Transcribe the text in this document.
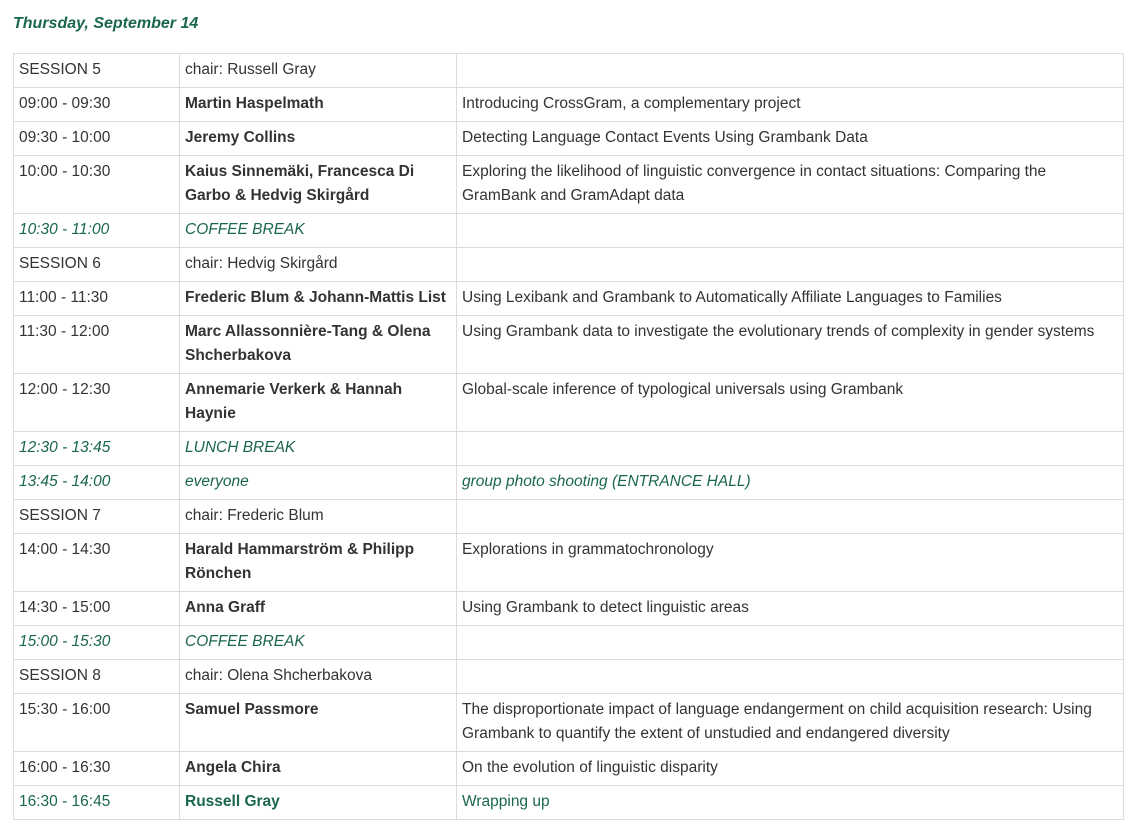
Thursday, September 14
SESSION 5	chair: Russell Gray	
09:00 - 09:30	Martin Haspelmath	Introducing CrossGram, a complementary project
09:30 - 10:00	Jeremy Collins	Detecting Language Contact Events Using Grambank Data
10:00 - 10:30	Kaius Sinnemäki, Francesca Di Garbo & Hedvig Skirgård	Exploring the likelihood of linguistic convergence in contact situations: Comparing the GramBank and GramAdapt data
10:30 - 11:00	COFFEE BREAK	
SESSION 6	chair: Hedvig Skirgård	
11:00 - 11:30	Frederic Blum & Johann-Mattis List	Using Lexibank and Grambank to Automatically Affiliate Languages to Families
11:30 - 12:00	Marc Allassonnière-Tang & Olena Shcherbakova	Using Grambank data to investigate the evolutionary trends of complexity in gender systems
12:00 - 12:30	Annemarie Verkerk & Hannah Haynie	Global-scale inference of typological universals using Grambank
12:30 - 13:45	LUNCH BREAK	
13:45 - 14:00	everyone	group photo shooting (ENTRANCE HALL)
SESSION 7	chair: Frederic Blum	
14:00 - 14:30	Harald Hammarström & Philipp Rönchen	Explorations in grammatochronology
14:30 - 15:00	Anna Graff	Using Grambank to detect linguistic areas
15:00 - 15:30	COFFEE BREAK	
SESSION 8	chair: Olena Shcherbakova	
15:30 - 16:00	Samuel Passmore	The disproportionate impact of language endangerment on child acquisition research: Using Grambank to quantify the extent of unstudied and endangered diversity
16:00 - 16:30	Angela Chira	On the evolution of linguistic disparity
16:30 - 16:45	Russell Gray	Wrapping up
